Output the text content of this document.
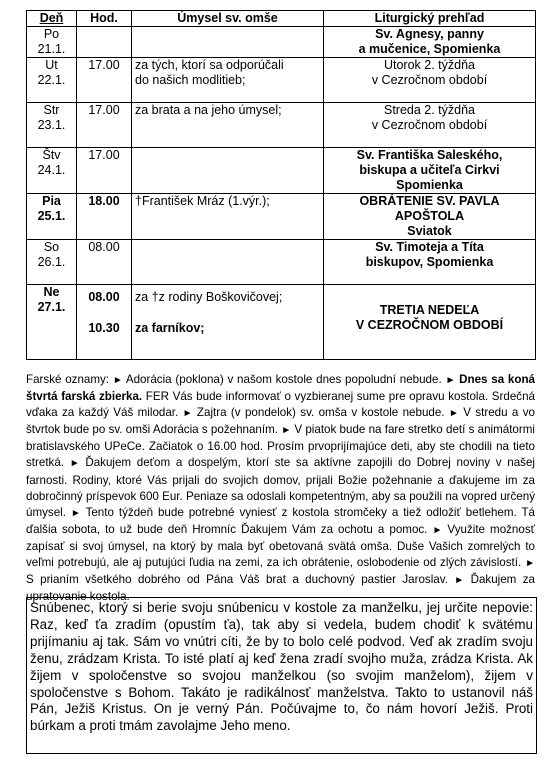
Deň	Hod.	Úmysel sv. omše	Liturgický prehľad

Po
21.1.			Sv. Agnesy, panny
a mučenice, Spomienka

Ut
22.1.	17.00	za tých, ktorí sa odporúčali
do našich modlitieb;	Utorok 2. týždňa
v Cezročnom období

Str
23.1.	17.00	za brata a na jeho úmysel;	Streda 2. týždňa
v Cezročnom období

Štv
24.1.	17.00		Sv. Františka Saleského,
biskupa a učiteľa Cirkvi
Spomienka

Pia
25.1.	18.00	†František Mráz (1.výr.);	OBRÁTENIE SV. PAVLA
APOŠTOLA
Sviatok

So
26.1.	08.00		Sv. Timoteja a Títa
biskupov, Spomienka

Ne
27.1.	08.00
10.30	za †z rodiny Boškovičovej;
za farníkov;	TRETIA NEDEĽA
V CEZROČNOM OBDOBÍ
Farské oznamy: ► Adorácia (poklona) v našom kostole dnes popoludní nebude. ► Dnes sa koná štvrtá farská zbierka. FER Vás bude informovať o vyzbieranej sume pre opravu kostola. Srdečná vďaka za každý Váš milodar. ► Zajtra (v pondelok) sv. omša v kostole nebude. ► V stredu a vo štvrtok bude po sv. omši Adorácia s požehnaním. ► V piatok bude na fare stretko detí s animátormi bratislavského UPeCe. Začiatok o 16.00 hod. Prosím prvoprijímajúce deti, aby ste chodili na tieto stretká. ► Ďakujem deťom a dospelým, ktorí ste sa aktívne zapojili do Dobrej noviny v našej farnosti. Rodiny, ktoré Vás prijali do svojich domov, prijali Božie požehnanie a ďakujeme im za dobročinný príspevok 600 Eur. Peniaze sa odoslali kompetentným, aby sa použili na vopred určený úmysel. ► Tento týždeň bude potrebné vyniesť z kostola stromčeky a tiež odložiť betlehem. Tá ďalšia sobota, to už bude deň Hromníc Ďakujem Vám za ochotu a pomoc. ► Využite možnosť zapísať si svoj úmysel, na ktorý by mala byť obetovaná svätá omša. Duše Vašich zomrelých to veľmi potrebujú, ale aj putujúci ľudia na zemi, za ich obrátenie, oslobodenie od zlých závislostí. ► S prianím všetkého dobrého od Pána Váš brat a duchovný pastier Jaroslav. ► Ďakujem za upratovanie kostola.
Snúbenec, ktorý si berie svoju snúbenicu v kostole za manželku, jej určite nepovie: Raz, keď ťa zradím (opustím ťa), tak aby si vedela, budem chodiť k svätému prijímaniu aj tak. Sám vo vnútri cíti, že by to bolo celé podvod. Veď ak zradím svoju ženu, zrádzam Krista. To isté platí aj keď žena zradí svojho muža, zrádza Krista. Ak žijem v spoločenstve so svojou manželkou (so svojim manželom), žijem v spoločenstve s Bohom. Takáto je radikálnosť manželstva. Takto to ustanovil náš Pán, Ježiš Kristus. On je verný Pán. Počúvajme to, čo nám hovorí Ježiš. Proti búrkam a proti tmám zavolajme Jeho meno.
